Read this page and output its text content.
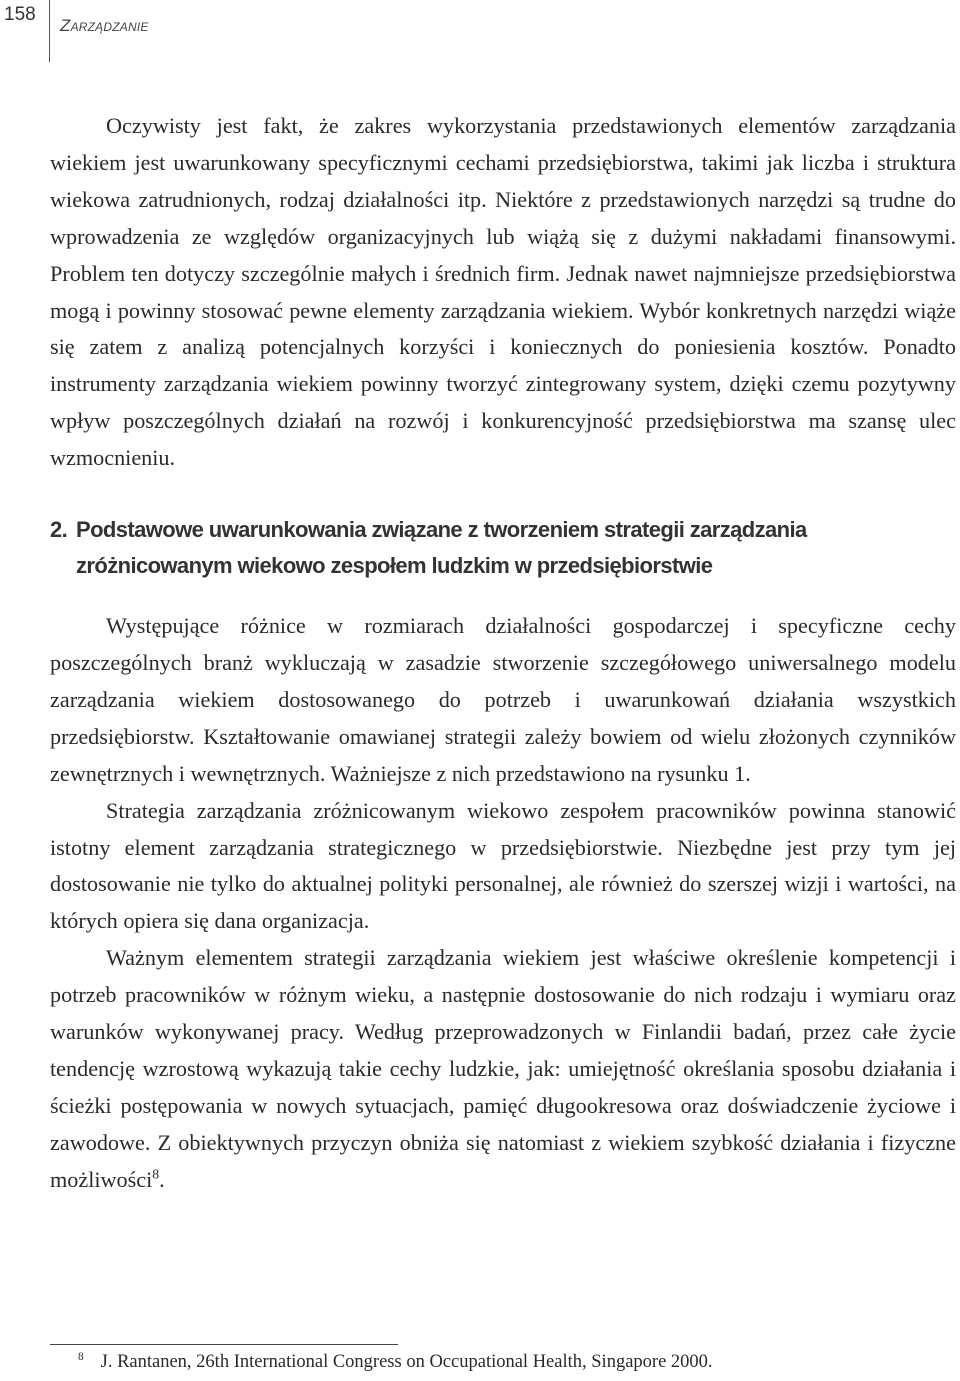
158
Zarządzanie

Oczywisty jest fakt, że zakres wykorzystania przedstawionych elementów zarządzania wiekiem jest uwarunkowany specyficznymi cechami przedsiębiorstwa, takimi jak liczba i struktura wiekowa zatrudnionych, rodzaj działalności itp. Niektóre z przedstawionych narzędzi są trudne do wprowadzenia ze względów organizacyjnych lub wiążą się z dużymi nakładami finansowymi. Problem ten dotyczy szczególnie małych i średnich firm. Jednak nawet najmniejsze przedsiębiorstwa mogą i powinny stosować pewne elementy zarządzania wiekiem. Wybór konkretnych narzędzi wiąże się zatem z analizą potencjalnych korzyści i koniecznych do poniesienia kosztów. Ponadto instrumenty zarządzania wiekiem powinny tworzyć zintegrowany system, dzięki czemu pozytywny wpływ poszczególnych działań na rozwój i konkurencyjność przedsiębiorstwa ma szansę ulec wzmocnieniu.

2. Podstawowe uwarunkowania związane z tworzeniem strategii zarządzania zróżnicowanym wiekowo zespołem ludzkim w przedsiębiorstwie

Występujące różnice w rozmiarach działalności gospodarczej i specyficzne cechy poszczególnych branż wykluczają w zasadzie stworzenie szczegółowego uniwersalnego modelu zarządzania wiekiem dostosowanego do potrzeb i uwarunkowań działania wszystkich przedsiębiorstw. Kształtowanie omawianej strategii zależy bowiem od wielu złożonych czynników zewnętrznych i wewnętrznych. Ważniejsze z nich przedstawiono na rysunku 1.

Strategia zarządzania zróżnicowanym wiekowo zespołem pracowników powinna stanowić istotny element zarządzania strategicznego w przedsiębiorstwie. Niezbędne jest przy tym jej dostosowanie nie tylko do aktualnej polityki personalnej, ale również do szerszej wizji i wartości, na których opiera się dana organizacja.

Ważnym elementem strategii zarządzania wiekiem jest właściwe określenie kompetencji i potrzeb pracowników w różnym wieku, a następnie dostosowanie do nich rodzaju i wymiaru oraz warunków wykonywanej pracy. Według przeprowadzonych w Finlandii badań, przez całe życie tendencję wzrostową wykazują takie cechy ludzkie, jak: umiejętność określania sposobu działania i ścieżki postępowania w nowych sytuacjach, pamięć długookresowa oraz doświadczenie życiowe i zawodowe. Z obiektywnych przyczyn obniża się natomiast z wiekiem szybkość działania i fizyczne możliwości$^8$.

$^8$ J. Rantanen, 26th International Congress on Occupational Health, Singapore 2000.
